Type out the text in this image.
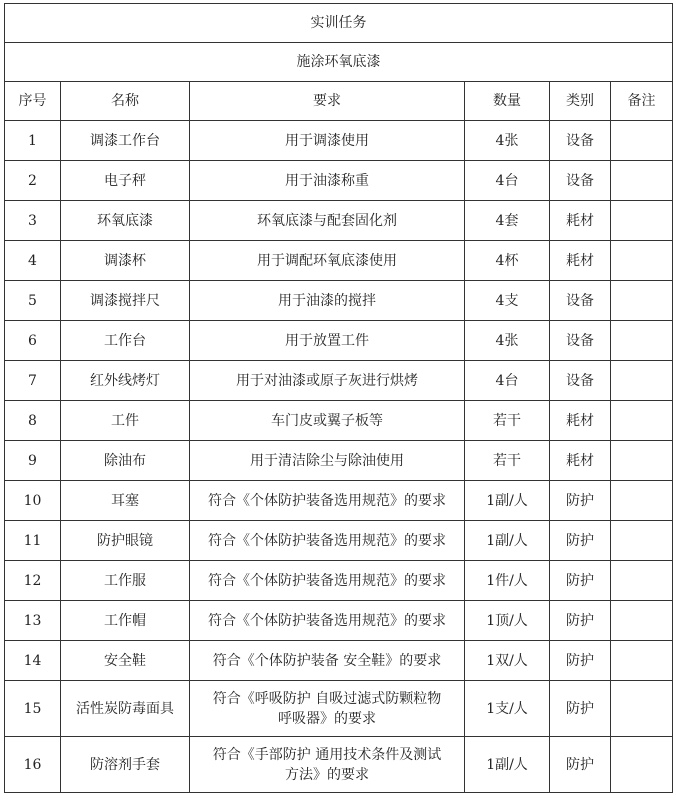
实训任务					
施涂环氧底漆					
序号	名称	要求	数量	类别	备注
1	调漆工作台	用于调漆使用	4张	设备	
2	电子秤	用于油漆称重	4台	设备	
3	环氧底漆	环氧底漆与配套固化剂	4套	耗材	
4	调漆杯	用于调配环氧底漆使用	4杯	耗材	
5	调漆搅拌尺	用于油漆的搅拌	4支	设备	
6	工作台	用于放置工件	4张	设备	
7	红外线烤灯	用于对油漆或原子灰进行烘烤	4台	设备	
8	工件	车门皮或翼子板等	若干	耗材	
9	除油布	用于清洁除尘与除油使用	若干	耗材	
10	耳塞	符合《个体防护装备选用规范》的要求	1副/人	防护	
11	防护眼镜	符合《个体防护装备选用规范》的要求	1副/人	防护	
12	工作服	符合《个体防护装备选用规范》的要求	1件/人	防护	
13	工作帽	符合《个体防护装备选用规范》的要求	1顶/人	防护	
14	安全鞋	符合《个体防护装备 安全鞋》的要求	1双/人	防护	
15	活性炭防毒面具	符合《呼吸防护 自吸过滤式防颗粒物
呼吸器》的要求	1支/人	防护	
16	防溶剂手套	符合《手部防护 通用技术条件及测试
方法》的要求	1副/人	防护	
